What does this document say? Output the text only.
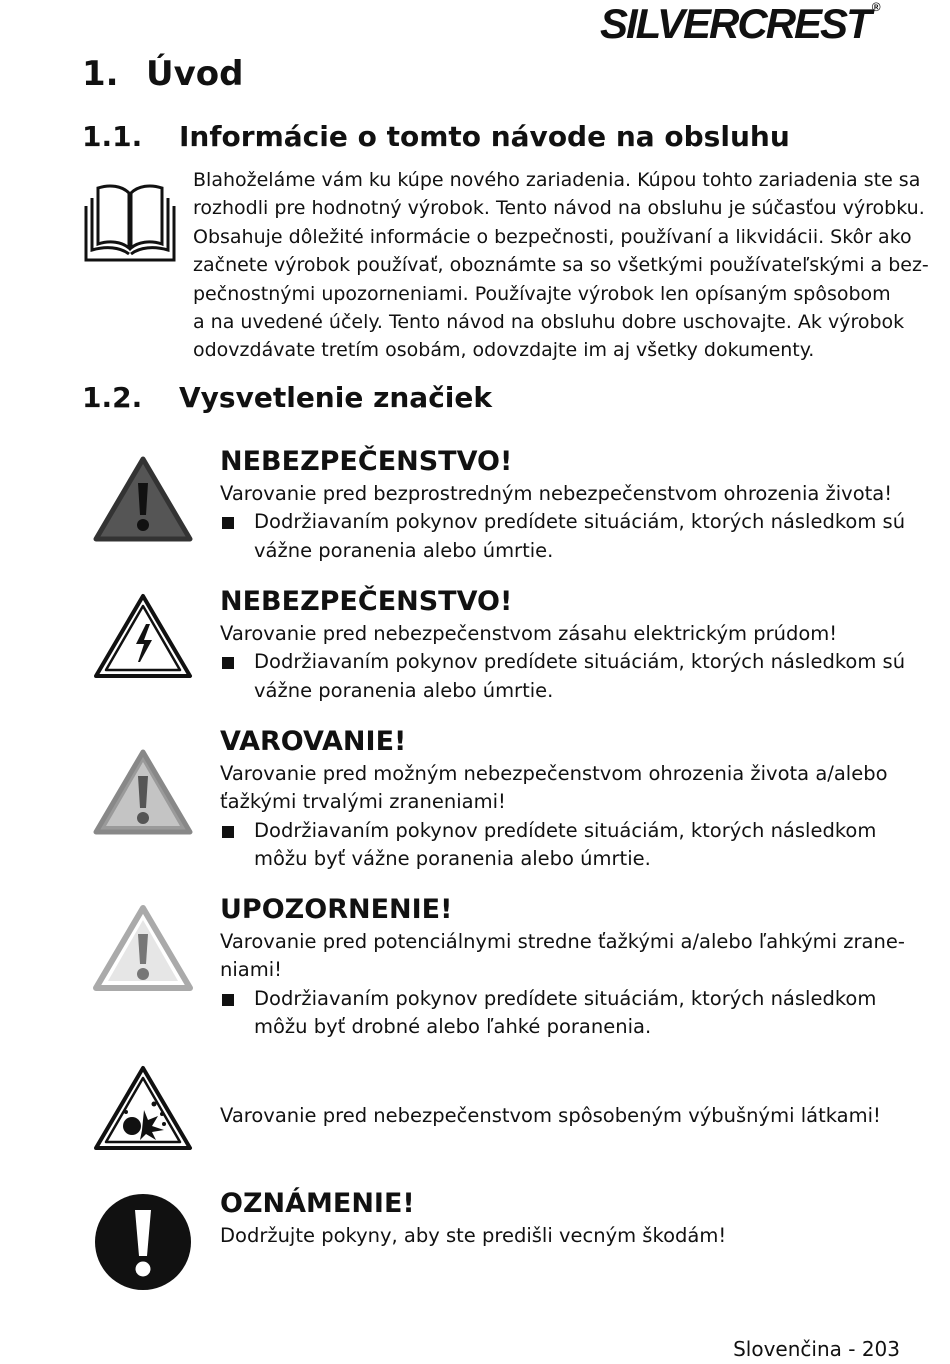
SILVERCREST ®
1. Úvod
1.1. Informácie o tomto návode na obsluhu
Blahoželáme vám ku kúpe nového zariadenia. Kúpou tohto zariadenia ste sa
rozhodli pre hodnotný výrobok. Tento návod na obsluhu je súčasťou výrobku.
Obsahuje dôležité informácie o bezpečnosti, používaní a likvidácii. Skôr ako
začnete výrobok používať, oboznámte sa so všetkými používateľskými a bez-
pečnostnými upozorneniami. Používajte výrobok len opísaným spôsobom
a na uvedené účely. Tento návod na obsluhu dobre uschovajte. Ak výrobok
odovzdávate tretím osobám, odovzdajte im aj všetky dokumenty.
1.2. Vysvetlenie značiek
NEBEZPEČENSTVO!
Varovanie pred bezprostredným nebezpečenstvom ohrozenia života!
Dodržiavaním pokynov predídete situáciám, ktorých následkom sú
vážne poranenia alebo úmrtie.
NEBEZPEČENSTVO!
Varovanie pred nebezpečenstvom zásahu elektrickým prúdom!
Dodržiavaním pokynov predídete situáciám, ktorých následkom sú
vážne poranenia alebo úmrtie.
VAROVANIE!
Varovanie pred možným nebezpečenstvom ohrozenia života a/alebo
ťažkými trvalými zraneniami!
Dodržiavaním pokynov predídete situáciám, ktorých následkom
môžu byť vážne poranenia alebo úmrtie.
UPOZORNENIE!
Varovanie pred potenciálnymi stredne ťažkými a/alebo ľahkými zrane-
niami!
Dodržiavaním pokynov predídete situáciám, ktorých následkom
môžu byť drobné alebo ľahké poranenia.
Varovanie pred nebezpečenstvom spôsobeným výbušnými látkami!
OZNÁMENIE!
Dodržujte pokyny, aby ste predišli vecným škodám!
Slovenčina - 203
